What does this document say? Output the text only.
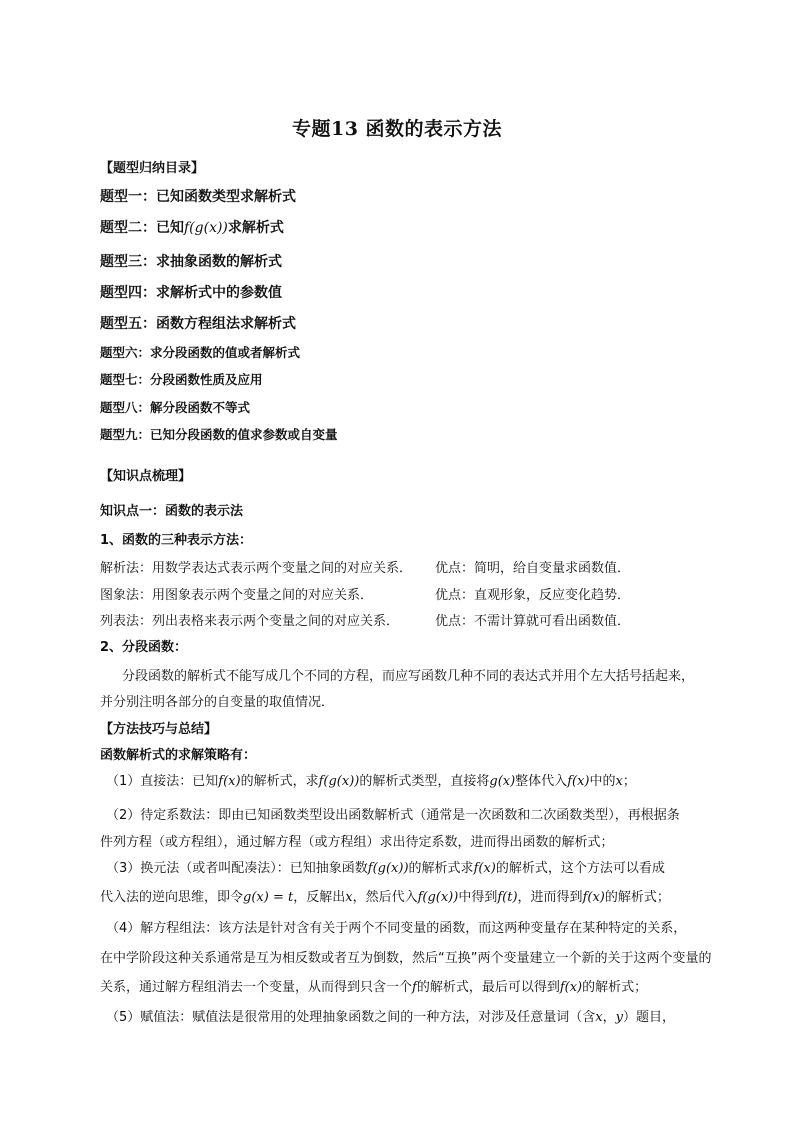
专题13 函数的表示方法
【题型归纳目录】
题型一：已知函数类型求解析式
题型二：已知f(g(x))求解析式
题型三：求抽象函数的解析式
题型四：求解析式中的参数值
题型五：函数方程组法求解析式
题型六：求分段函数的值或者解析式
题型七：分段函数性质及应用
题型八：解分段函数不等式
题型九：已知分段函数的值求参数或自变量
【知识点梳理】
知识点一：函数的表示法
1、函数的三种表示方法：
解析法：用数学表达式表示两个变量之间的对应关系． 优点：简明，给自变量求函数值．
图象法：用图象表示两个变量之间的对应关系．	优点：直观形象，反应变化趋势．
列表法：列出表格来表示两个变量之间的对应关系．	优点：不需计算就可看出函数值．
2、分段函数：
分段函数的解析式不能写成几个不同的方程，而应写函数几种不同的表达式并用个左大括号括起来，
并分别注明各部分的自变量的取值情况．
【方法技巧与总结】
函数解析式的求解策略有：
（1）直接法：已知f(x)的解析式，求f(g(x))的解析式类型，直接将g(x)整体代入f(x)中的x；
（2）待定系数法：即由已知函数类型设出函数解析式（通常是一次函数和二次函数类型），再根据条
件列方程（或方程组），通过解方程（或方程组）求出待定系数，进而得出函数的解析式；
（3）换元法（或者叫配凑法）：已知抽象函数f(g(x))的解析式求f(x)的解析式，这个方法可以看成
代入法的逆向思维，即令g(x) = t，反解出x，然后代入f(g(x))中得到f(t)，进而得到f(x)的解析式；
（4）解方程组法：该方法是针对含有关于两个不同变量的函数，而这两种变量存在某种特定的关系，
在中学阶段这种关系通常是互为相反数或者互为倒数，然后“互换”两个变量建立一个新的关于这两个变量的
关系，通过解方程组消去一个变量，从而得到只含一个f的解析式，最后可以得到f(x)的解析式；
（5）赋值法：赋值法是很常用的处理抽象函数之间的一种方法，对涉及任意量词（含x，y）题目，
